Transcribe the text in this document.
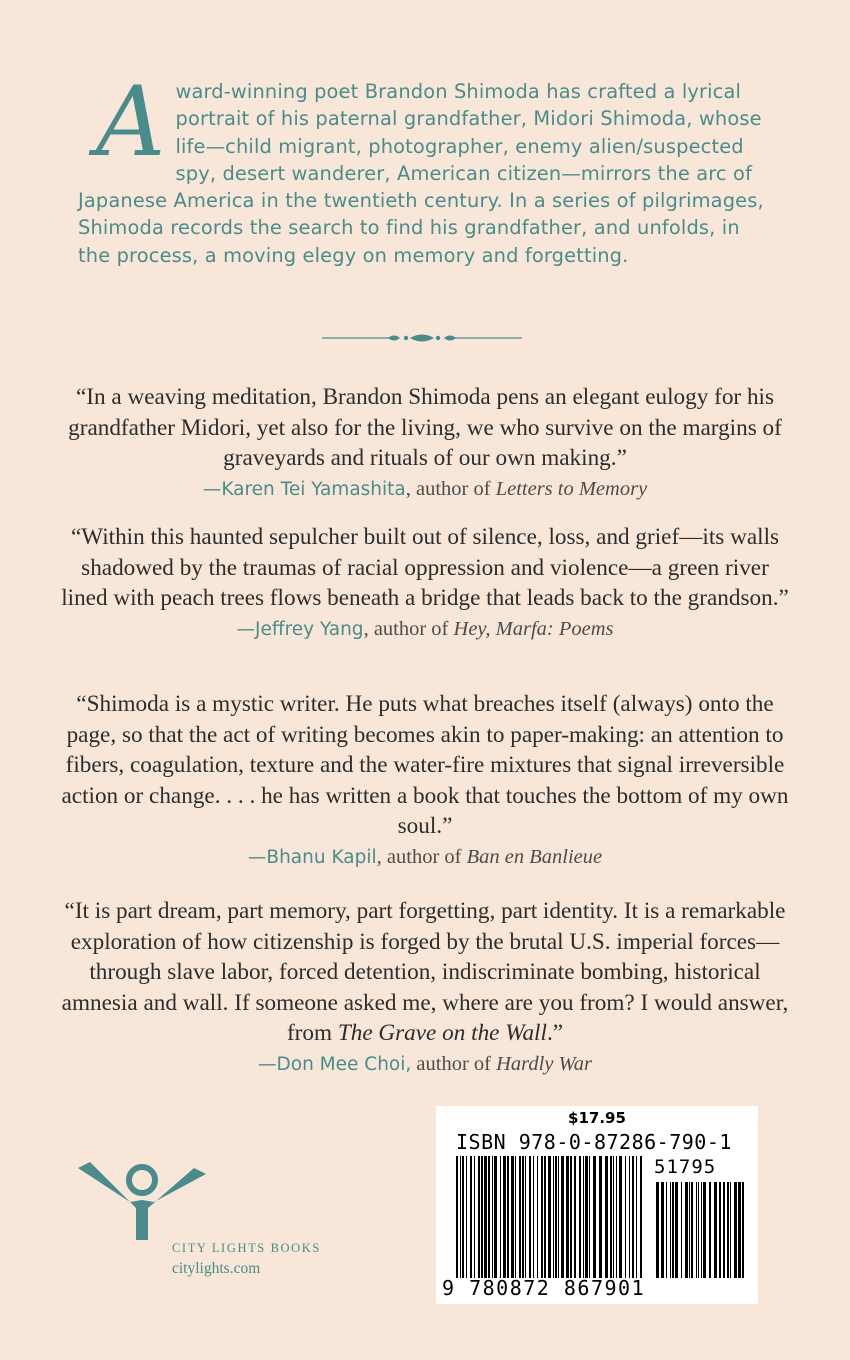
A ward-winning poet Brandon Shimoda has crafted a lyrical portrait of his paternal grandfather, Midori Shimoda, whose life—child migrant, photographer, enemy alien/suspected spy, desert wanderer, American citizen—mirrors the arc of Japanese America in the twentieth century. In a series of pilgrimages, Shimoda records the search to find his grandfather, and unfolds, in the process, a moving elegy on memory and forgetting.
“In a weaving meditation, Brandon Shimoda pens an elegant eulogy for his grandfather Midori, yet also for the living, we who survive on the margins of graveyards and rituals of our own making.”
—Karen Tei Yamashita, author of Letters to Memory
“Within this haunted sepulcher built out of silence, loss, and grief—its walls shadowed by the traumas of racial oppression and violence—a green river lined with peach trees flows beneath a bridge that leads back to the grandson.”
—Jeffrey Yang, author of Hey, Marfa: Poems
“Shimoda is a mystic writer. He puts what breaches itself (always) onto the page, so that the act of writing becomes akin to paper-making: an attention to fibers, coagulation, texture and the water-fire mixtures that signal irreversible action or change. . . . he has written a book that touches the bottom of my own soul.”
—Bhanu Kapil, author of Ban en Banlieue
“It is part dream, part memory, part forgetting, part identity. It is a remarkable exploration of how citizenship is forged by the brutal U.S. imperial forces—through slave labor, forced detention, indiscriminate bombing, historical amnesia and wall. If someone asked me, where are you from? I would answer, from The Grave on the Wall.”
—Don Mee Choi, author of Hardly War
CITY LIGHTS BOOKS
citylights.com
$17.95
ISBN 978-0-87286-790-1
51795
9 780872 867901
